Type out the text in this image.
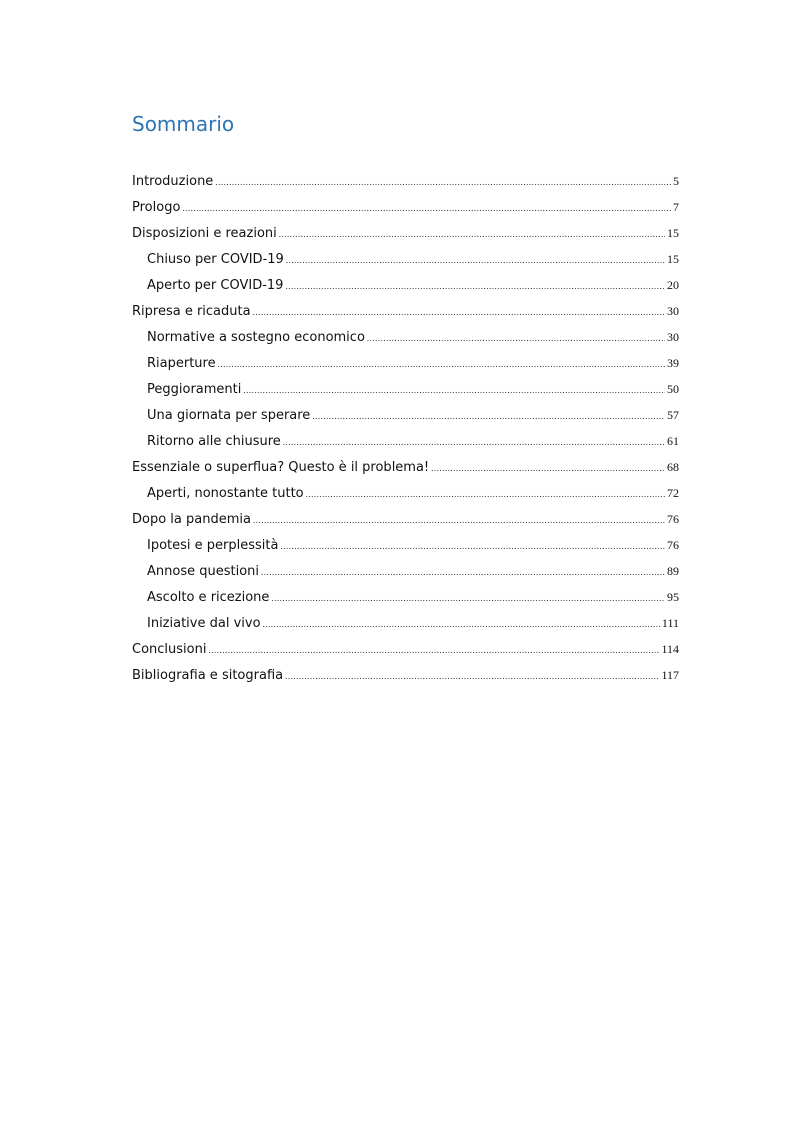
Sommario
Introduzione .....	5
Prologo .....	7
Disposizioni e reazioni .....	15
Chiuso per COVID-19 .....	15
Aperto per COVID-19 .....	20
Ripresa e ricaduta .....	30
Normative a sostegno economico .....	30
Riaperture .....	39
Peggioramenti .....	50
Una giornata per sperare .....	57
Ritorno alle chiusure .....	61
Essenziale o superflua? Questo è il problema! .....	68
Aperti, nonostante tutto .....	72
Dopo la pandemia .....	76
Ipotesi e perplessità .....	76
Annose questioni .....	89
Ascolto e ricezione .....	95
Iniziative dal vivo .....	111
Conclusioni .....	114
Bibliografia e sitografia .....	117
